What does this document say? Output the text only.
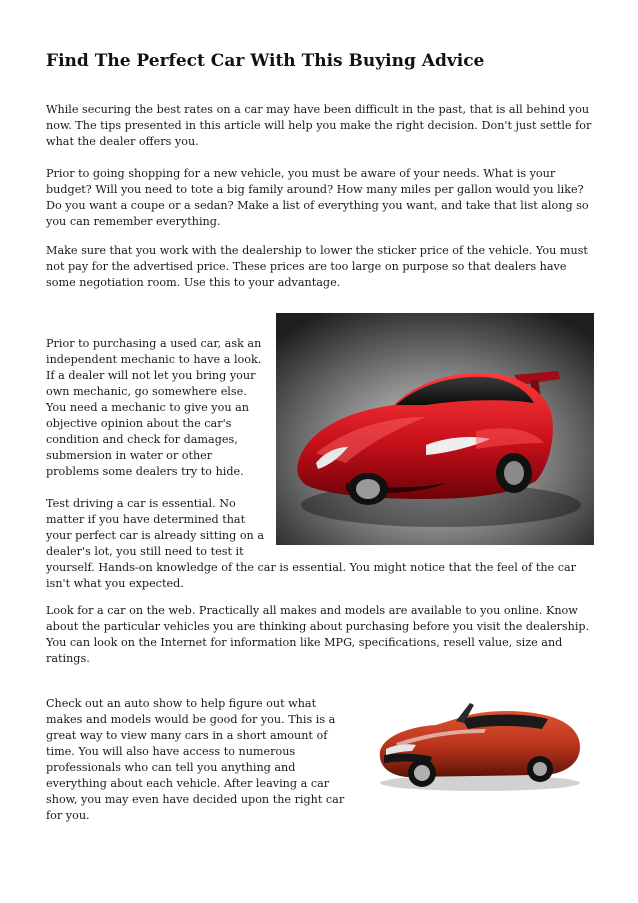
Find The Perfect Car With This Buying Advice

While securing the best rates on a car may have been difficult in the past, that is all behind you now. The tips presented in this article will help you make the right decision. Don't just settle for what the dealer offers you.

Prior to going shopping for a new vehicle, you must be aware of your needs. What is your budget? Will you need to tote a big family around? How many miles per gallon would you like? Do you want a coupe or a sedan? Make a list of everything you want, and take that list along so you can remember everything.

Make sure that you work with the dealership to lower the sticker price of the vehicle. You must not pay for the advertised price. These prices are too large on purpose so that dealers have some negotiation room. Use this to your advantage.

Prior to purchasing a used car, ask an independent mechanic to have a look. If a dealer will not let you bring your own mechanic, go somewhere else. You need a mechanic to give you an objective opinion about the car's condition and check for damages, submersion in water or other problems some dealers try to hide.

Test driving a car is essential. No matter if you have determined that your perfect car is already sitting on a dealer's lot, you still need to test it yourself. Hands-on knowledge of the car is essential. You might notice that the feel of the car isn't what you expected.

Look for a car on the web. Practically all makes and models are available to you online. Know about the particular vehicles you are thinking about purchasing before you visit the dealership. You can look on the Internet for information like MPG, specifications, resell value, size and ratings.

Check out an auto show to help figure out what makes and models would be good for you. This is a great way to view many cars in a short amount of time. You will also have access to numerous professionals who can tell you anything and everything about each vehicle. After leaving a car show, you may even have decided upon the right car for you.
